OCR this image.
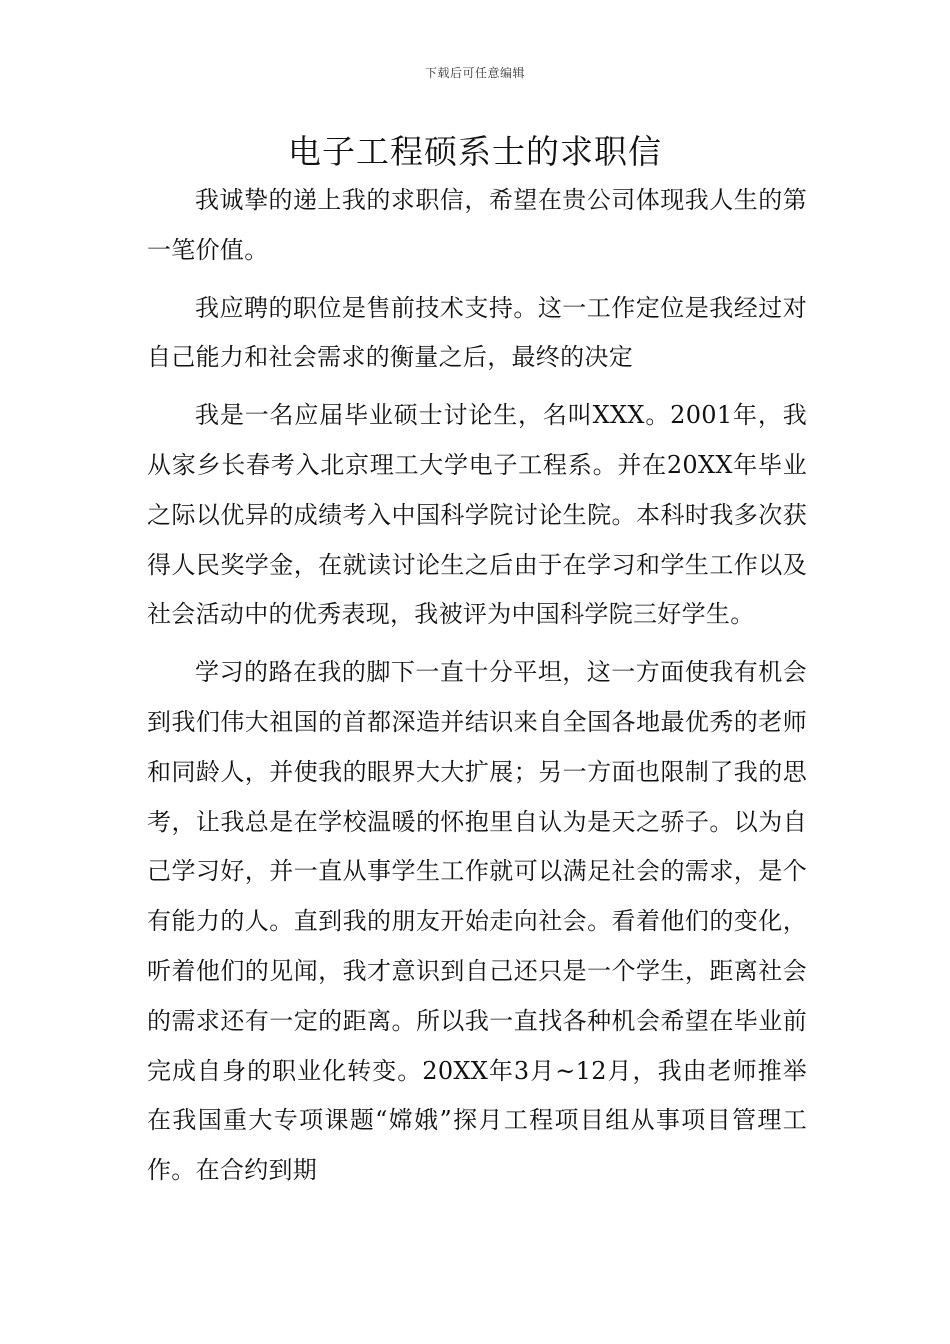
下载后可任意编辑
电子工程硕系士的求职信

我诚挚的递上我的求职信，希望在贵公司体现我人生的第一笔价值。

我应聘的职位是售前技术支持。这一工作定位是我经过对自己能力和社会需求的衡量之后，最终的决定

我是一名应届毕业硕士讨论生，名叫XXX。2001年，我从家乡长春考入北京理工大学电子工程系。并在20XX年毕业之际以优异的成绩考入中国科学院讨论生院。本科时我多次获得人民奖学金，在就读讨论生之后由于在学习和学生工作以及社会活动中的优秀表现，我被评为中国科学院三好学生。

学习的路在我的脚下一直十分平坦，这一方面使我有机会到我们伟大祖国的首都深造并结识来自全国各地最优秀的老师和同龄人，并使我的眼界大大扩展；另一方面也限制了我的思考，让我总是在学校温暖的怀抱里自认为是天之骄子。以为自己学习好，并一直从事学生工作就可以满足社会的需求，是个有能力的人。直到我的朋友开始走向社会。看着他们的变化，听着他们的见闻，我才意识到自己还只是一个学生，距离社会的需求还有一定的距离。所以我一直找各种机会希望在毕业前完成自身的职业化转变。20XX年3月~12月，我由老师推举在我国重大专项课题“嫦娥”探月工程项目组从事项目管理工作。在合约到期
